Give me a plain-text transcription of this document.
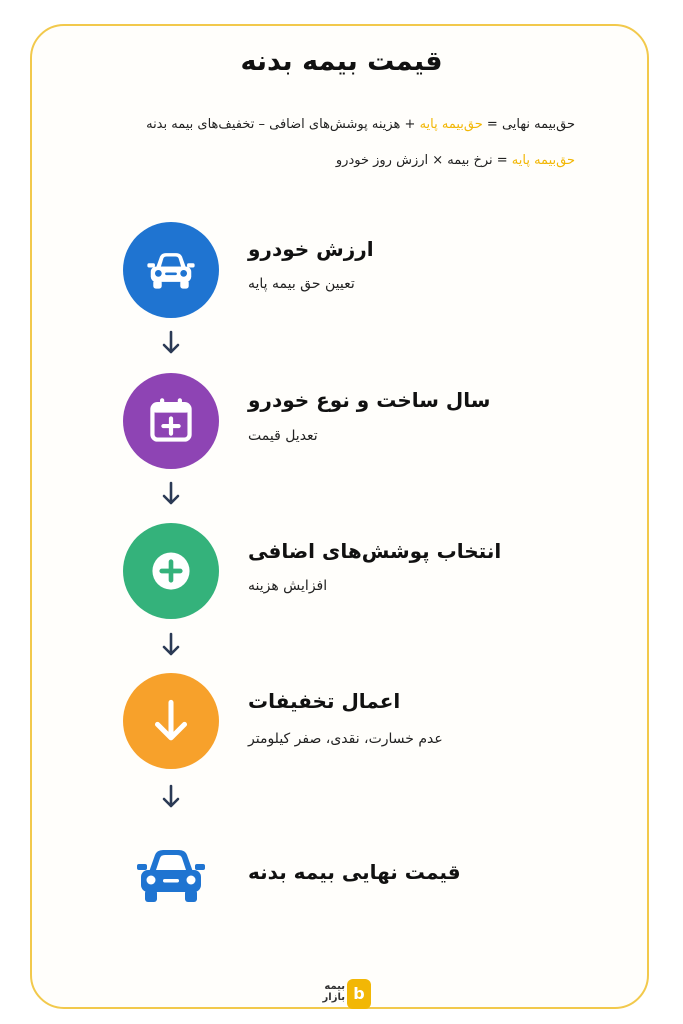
قیمت بیمه بدنه
حق‌بیمه نهایی = حق‌بیمه پایه + هزینه پوشش‌های اضافی – تخفیف‌های بیمه بدنه
حق‌بیمه پایه = نرخ بیمه × ارزش روز خودرو
ارزش خودرو
تعیین حق بیمه پایه
سال ساخت و نوع خودرو
تعدیل قیمت
انتخاب پوشش‌های اضافی
افزایش هزینه
اعمال تخفیفات
عدم خسارت، نقدی، صفر کیلومتر
قیمت نهایی بیمه بدنه
بیمه
بازار b
